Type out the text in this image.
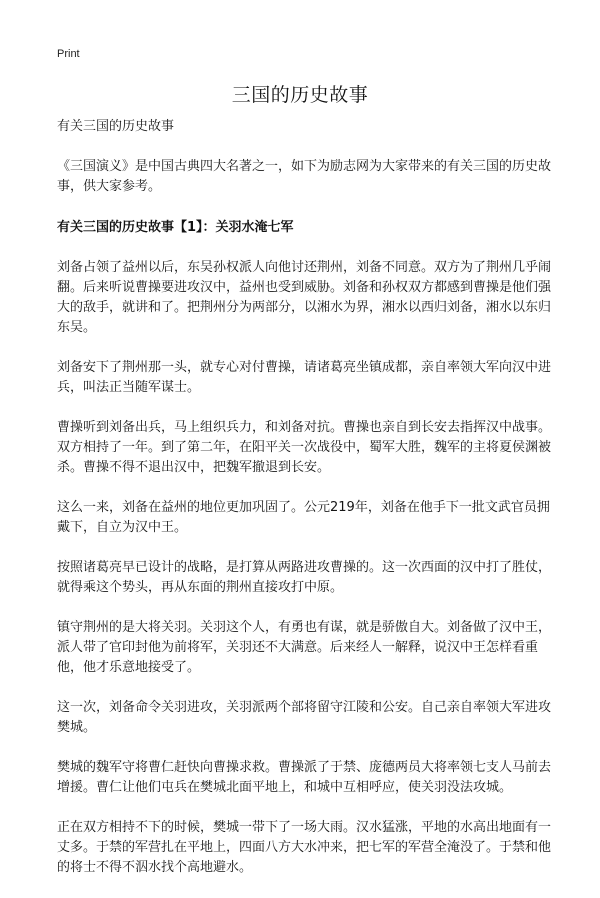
Print
三国的历史故事

有关三国的历史故事

《三国演义》是中国古典四大名著之一，如下为励志网为大家带来的有关三国的历史故事，供大家参考。

有关三国的历史故事【1】：关羽水淹七军

刘备占领了益州以后，东吴孙权派人向他讨还荆州，刘备不同意。双方为了荆州几乎闹翻。后来听说曹操要进攻汉中，益州也受到威胁。刘备和孙权双方都感到曹操是他们强大的敌手，就讲和了。把荆州分为两部分，以湘水为界，湘水以西归刘备，湘水以东归东吴。

刘备安下了荆州那一头，就专心对付曹操，请诸葛亮坐镇成都，亲自率领大军向汉中进兵，叫法正当随军谋士。

曹操听到刘备出兵，马上组织兵力，和刘备对抗。曹操也亲自到长安去指挥汉中战事。双方相持了一年。到了第二年，在阳平关一次战役中，蜀军大胜，魏军的主将夏侯渊被杀。曹操不得不退出汉中，把魏军撤退到长安。

这么一来，刘备在益州的地位更加巩固了。公元219年，刘备在他手下一批文武官员拥戴下，自立为汉中王。

按照诸葛亮早已设计的战略，是打算从两路进攻曹操的。这一次西面的汉中打了胜仗，就得乘这个势头，再从东面的荆州直接攻打中原。

镇守荆州的是大将关羽。关羽这个人，有勇也有谋，就是骄傲自大。刘备做了汉中王，派人带了官印封他为前将军，关羽还不大满意。后来经人一解释，说汉中王怎样看重他，他才乐意地接受了。

这一次，刘备命令关羽进攻，关羽派两个部将留守江陵和公安。自己亲自率领大军进攻樊城。

樊城的魏军守将曹仁赶快向曹操求救。曹操派了于禁、庞德两员大将率领七支人马前去增援。曹仁让他们屯兵在樊城北面平地上，和城中互相呼应，使关羽没法攻城。

正在双方相持不下的时候，樊城一带下了一场大雨。汉水猛涨，平地的水高出地面有一丈多。于禁的军营扎在平地上，四面八方大水冲来，把七军的军营全淹没了。于禁和他的将士不得不泅水找个高地避水。
